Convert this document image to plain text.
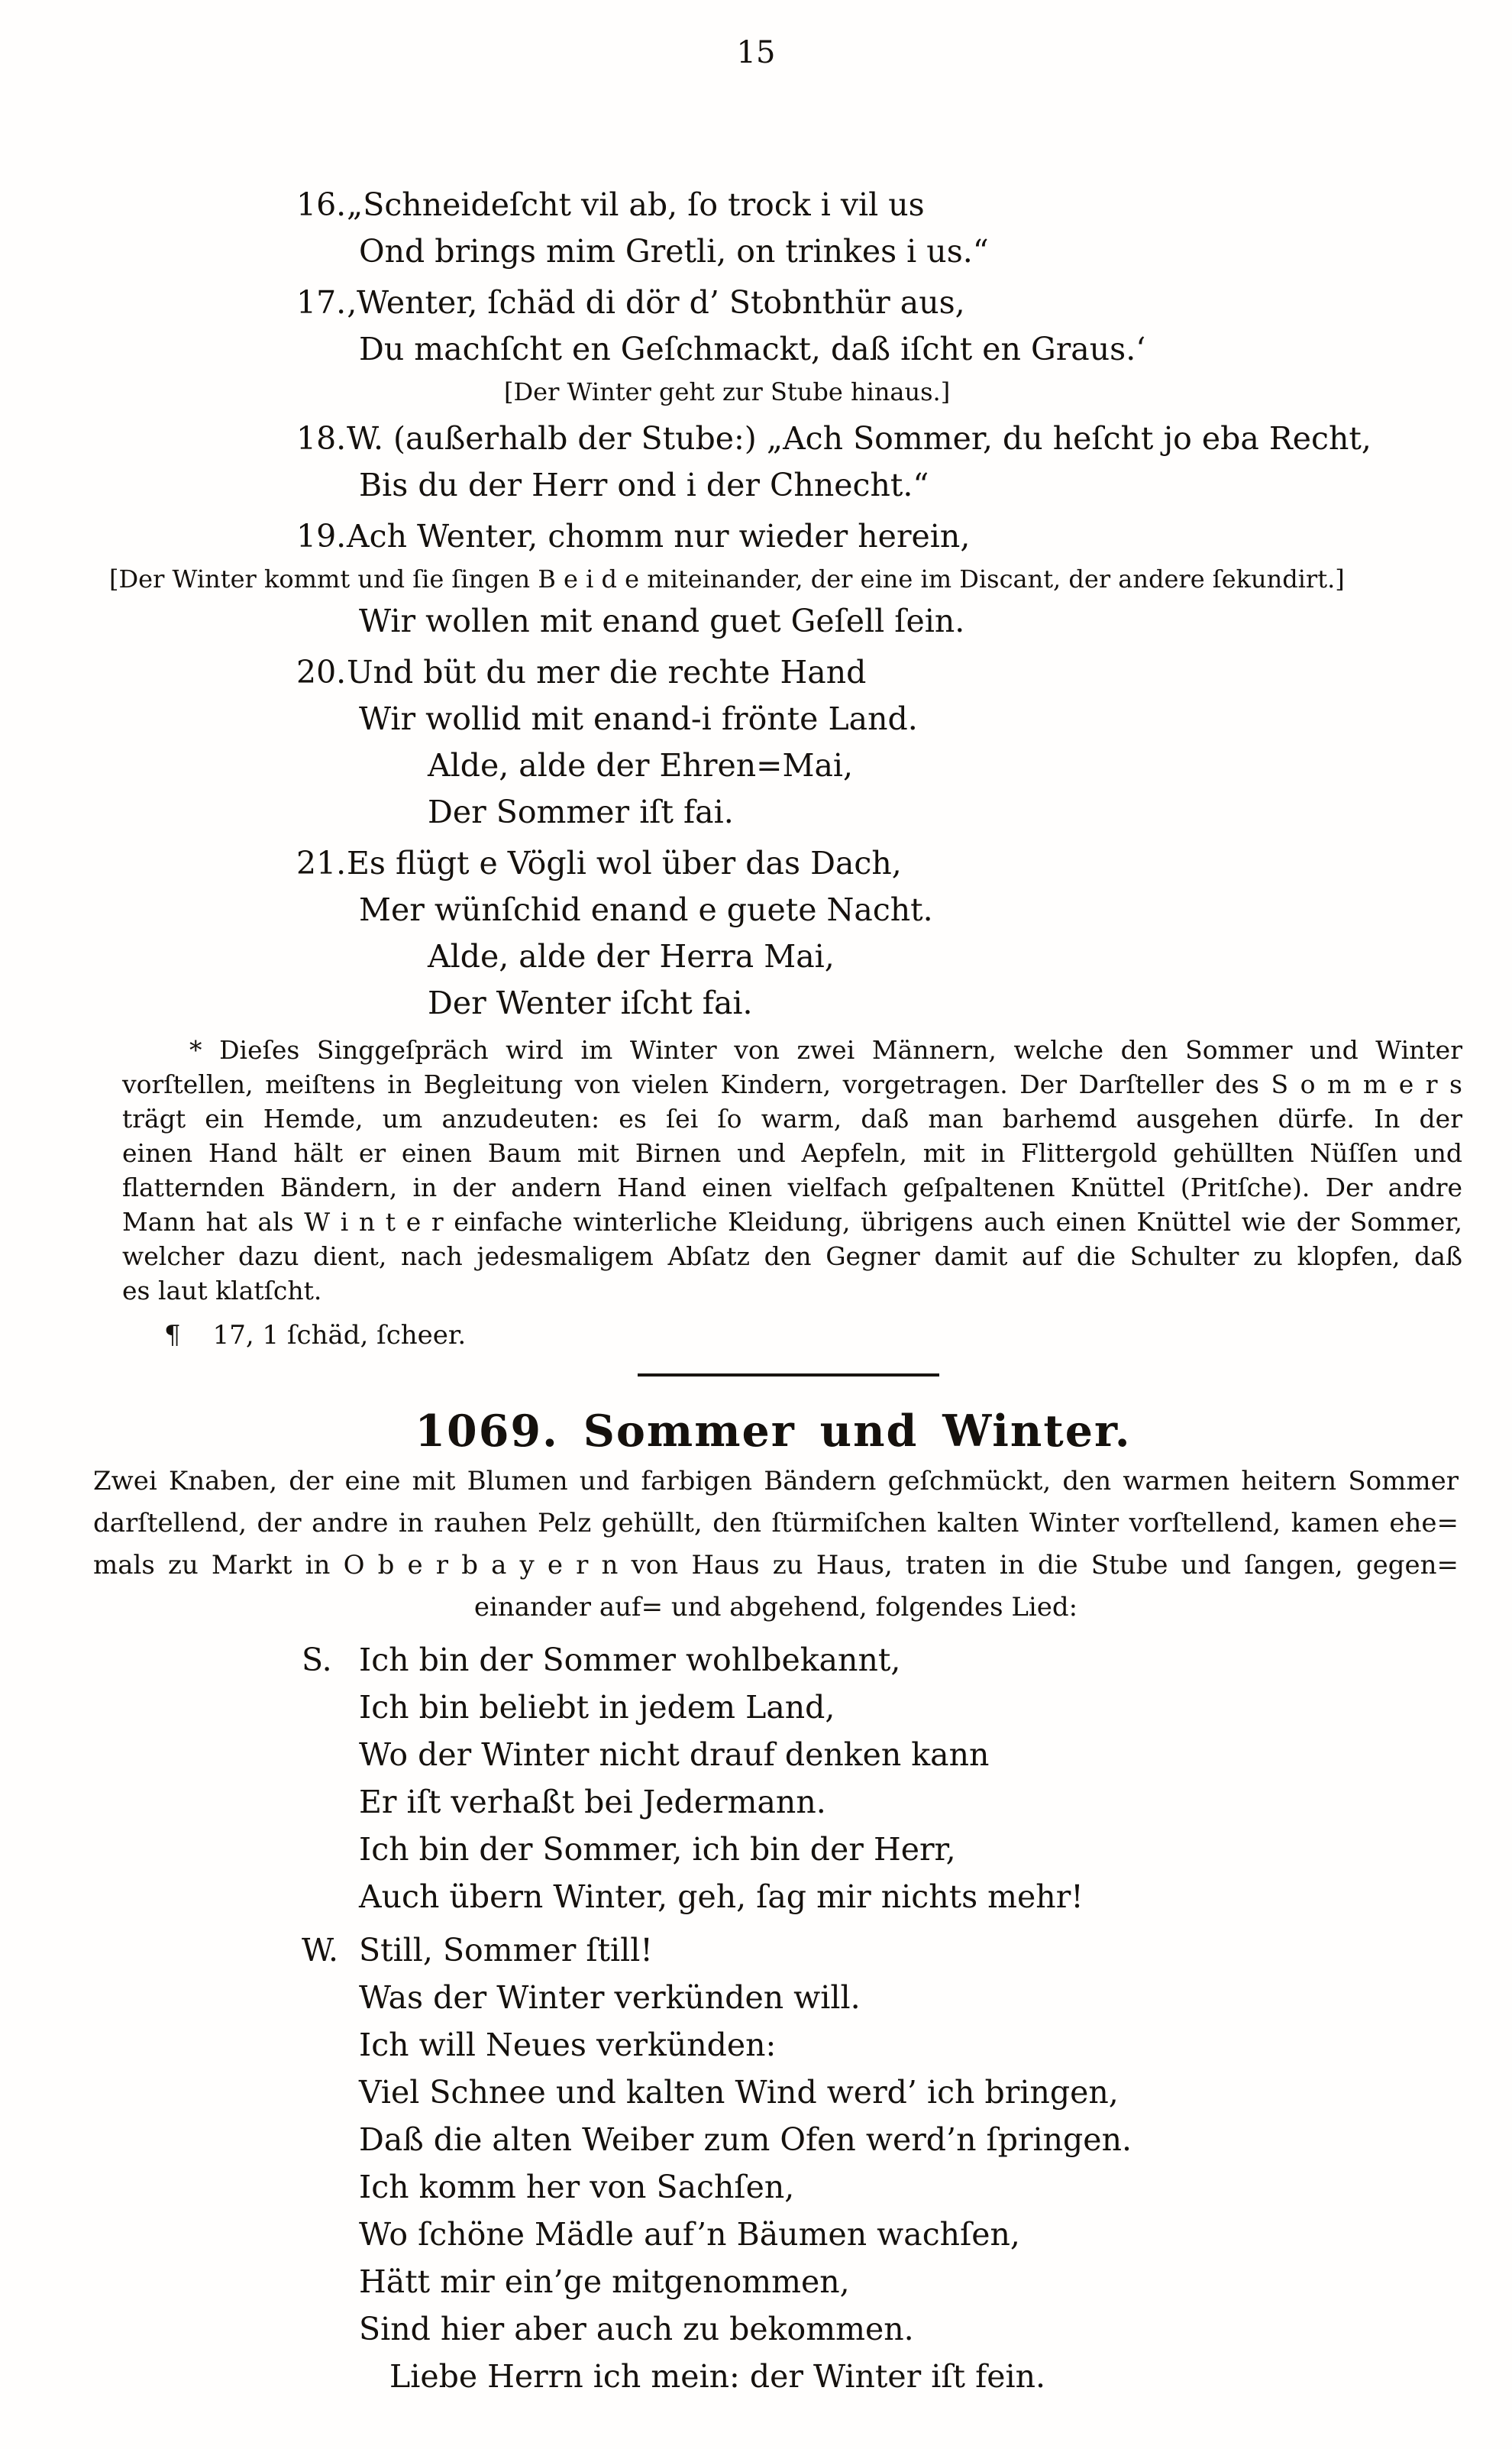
15
16.„Schneideſcht vil ab, ſo trock i vil us
Ond brings mim Gretli, on trinkes i us.“
17.‚Wenter, ſchäd di dör d’ Stobnthür aus,
Du machſcht en Geſchmackt, daß iſcht en Graus.‘
[Der Winter geht zur Stube hinaus.]
18.W. (außerhalb der Stube:) „Ach Sommer, du heſcht jo eba Recht,
Bis du der Herr ond i der Chnecht.“
19.Ach Wenter, chomm nur wieder herein,
[Der Winter kommt und ſie ſingen B e i d e miteinander, der eine im Discant, der andere ſekundirt.]
Wir wollen mit enand guet Geſell ſein.
20.Und büt du mer die rechte Hand
Wir wollid mit enand-i frönte Land.
Alde, alde der Ehren=Mai,
Der Sommer iſt fai.
21.Es flügt e Vögli wol über das Dach,
Mer wünſchid enand e guete Nacht.
Alde, alde der Herra Mai,
Der Wenter iſcht fai.
* Dieſes Singgeſpräch wird im Winter von zwei Männern, welche den Sommer und Winter
vorſtellen, meiſtens in Begleitung von vielen Kindern, vorgetragen. Der Darſteller des S o m m e r s
trägt ein Hemde, um anzudeuten: es ſei ſo warm, daß man barhemd ausgehen dürfe. In der
einen Hand hält er einen Baum mit Birnen und Aepfeln, mit in Flittergold gehüllten Nüſſen und
flatternden Bändern, in der andern Hand einen vielfach geſpaltenen Knüttel (Pritſche). Der andre
Mann hat als W i n t e r einfache winterliche Kleidung, übrigens auch einen Knüttel wie der Sommer,
welcher dazu dient, nach jedesmaligem Abſatz den Gegner damit auf die Schulter zu klopfen, daß
es laut klatſcht.
¶ 17, 1 ſchäd, ſcheer.
1069. Sommer und Winter.
Zwei Knaben, der eine mit Blumen und farbigen Bändern geſchmückt, den warmen heitern Sommer
darſtellend, der andre in rauhen Pelz gehüllt, den ſtürmiſchen kalten Winter vorſtellend, kamen ehe=
mals zu Markt in O b e r b a y e r n von Haus zu Haus, traten in die Stube und ſangen, gegen=
einander auf= und abgehend, folgendes Lied:
S. Ich bin der Sommer wohlbekannt,
Ich bin beliebt in jedem Land,
Wo der Winter nicht drauf denken kann
Er iſt verhaßt bei Jedermann.
Ich bin der Sommer, ich bin der Herr,
Auch übern Winter, geh, ſag mir nichts mehr!
W. Still, Sommer ſtill!
Was der Winter verkünden will.
Ich will Neues verkünden:
Viel Schnee und kalten Wind werd’ ich bringen,
Daß die alten Weiber zum Ofen werd’n ſpringen.
Ich komm her von Sachſen,
Wo ſchöne Mädle auf’n Bäumen wachſen,
Hätt mir ein’ge mitgenommen,
Sind hier aber auch zu bekommen.
Liebe Herrn ich mein: der Winter iſt fein.
